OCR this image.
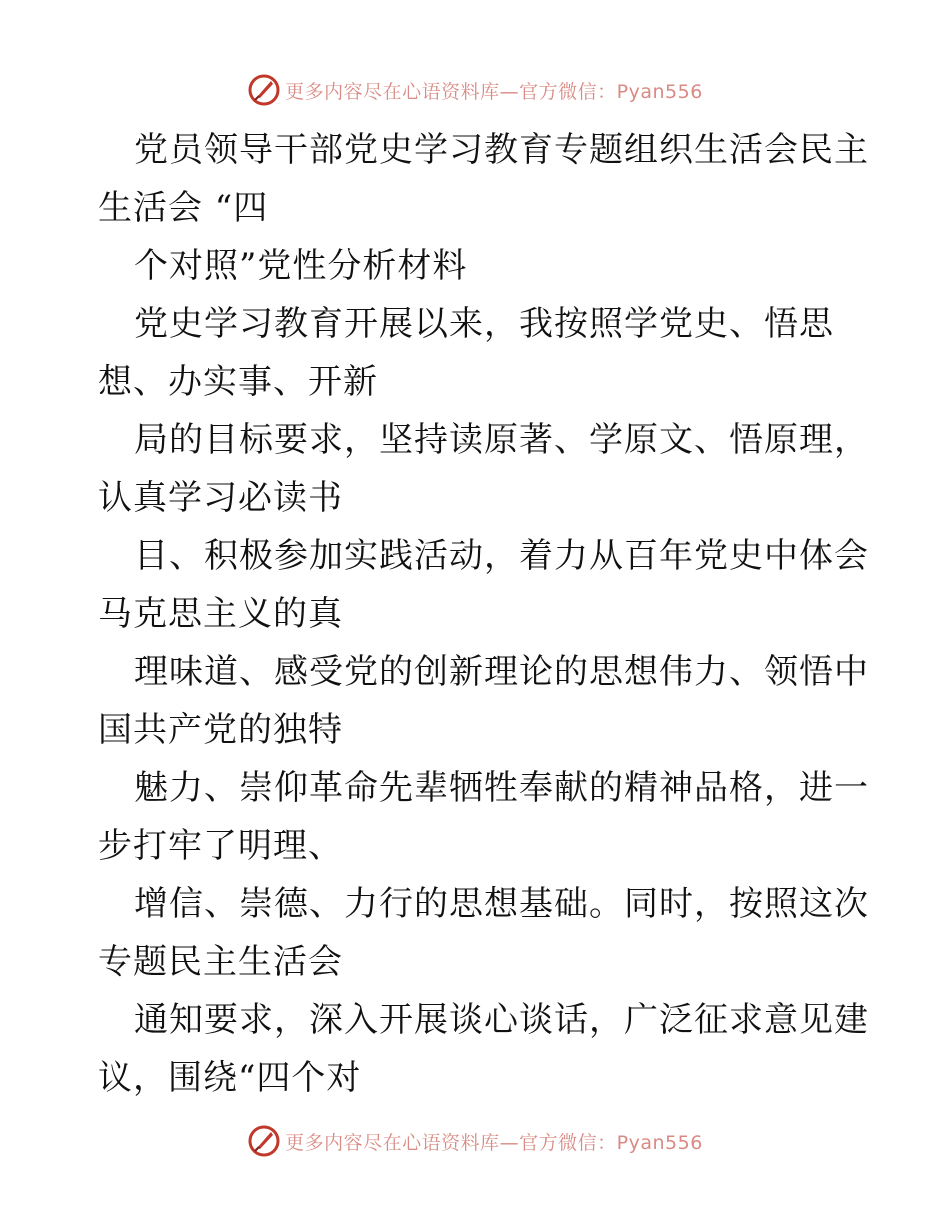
更多内容尽在心语资料库—官方微信：Pyan556
党员领导干部党史学习教育专题组织生活会民主
生活会 “四
个对照”党性分析材料
党史学习教育开展以来，我按照学党史、悟思
想、办实事、开新
局的目标要求，坚持读原著、学原文、悟原理，
认真学习必读书
目、积极参加实践活动，着力从百年党史中体会
马克思主义的真
理味道、感受党的创新理论的思想伟力、领悟中
国共产党的独特
魅力、崇仰革命先辈牺牲奉献的精神品格，进一
步打牢了明理、
增信、崇德、力行的思想基础。同时，按照这次
专题民主生活会
通知要求，深入开展谈心谈话，广泛征求意见建
议，围绕“四个对
更多内容尽在心语资料库—官方微信：Pyan556
